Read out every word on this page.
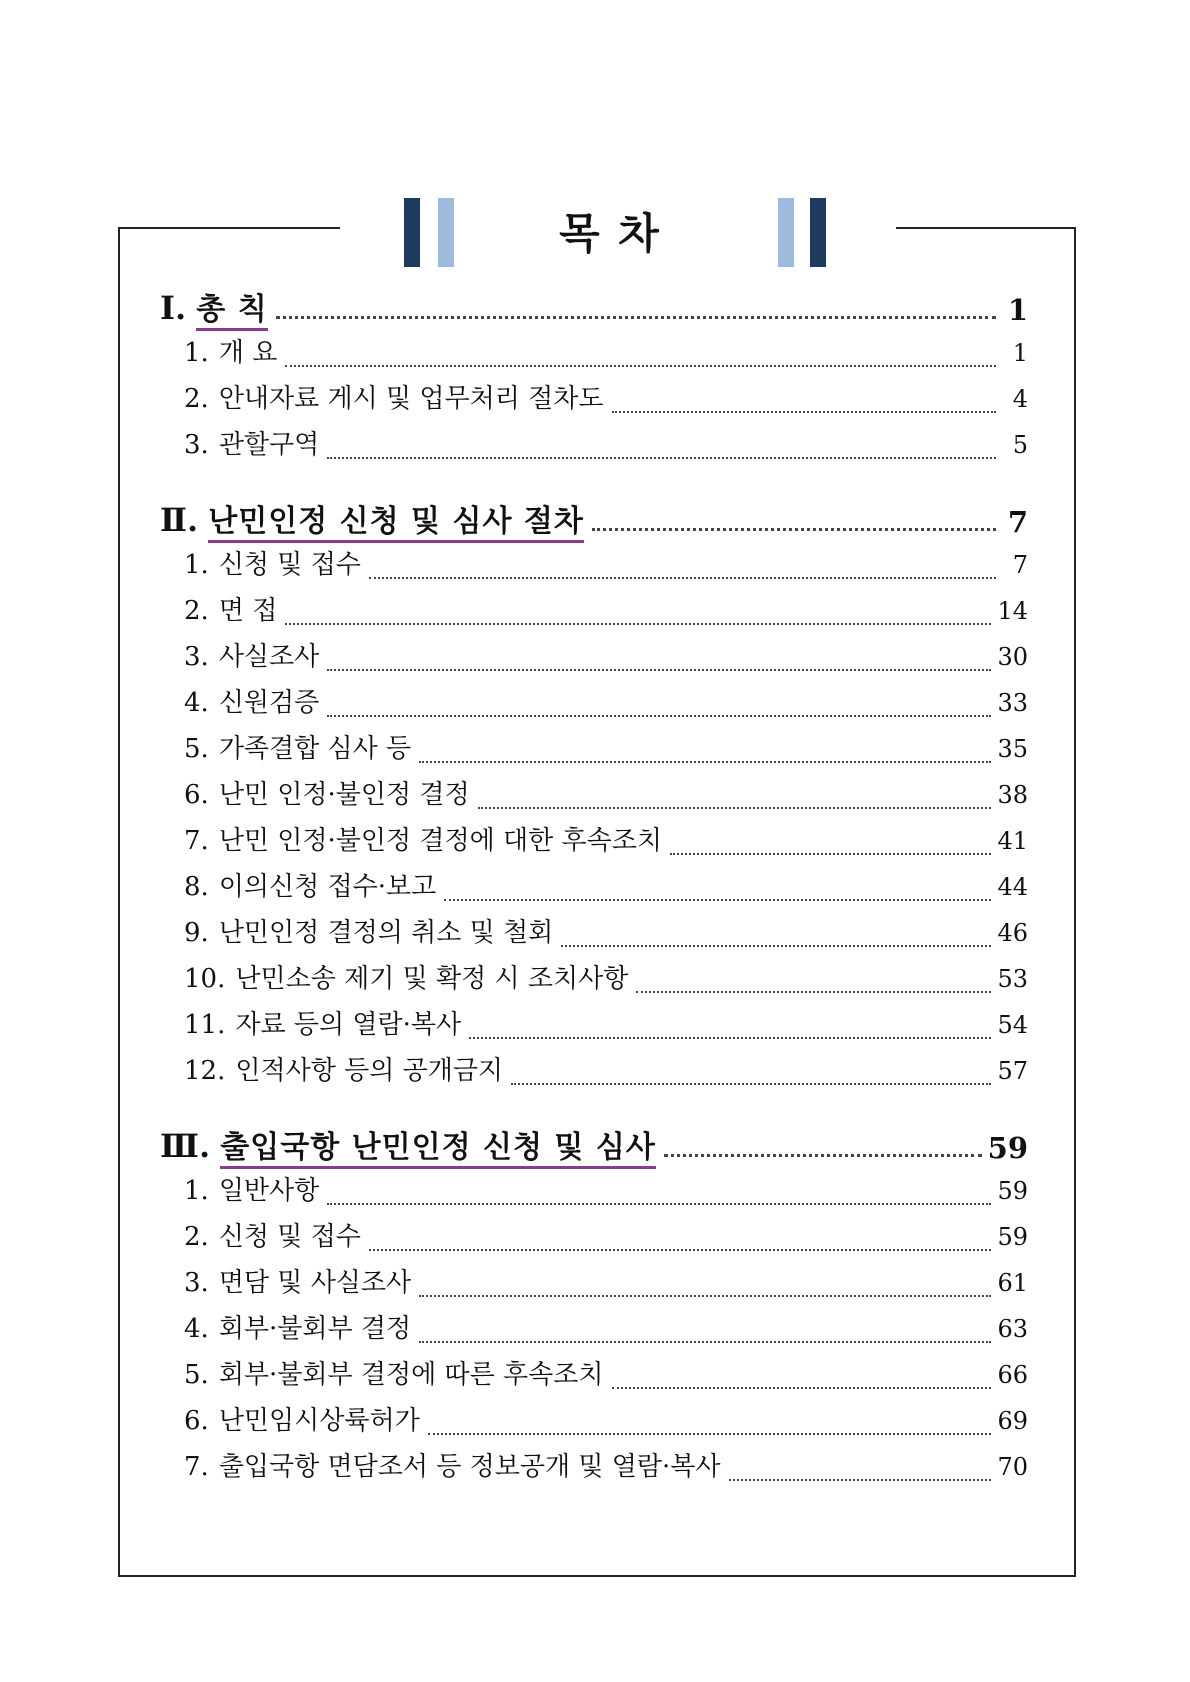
목 차
Ⅰ. 총 칙	1
1. 개 요	1
2. 안내자료 게시 및 업무처리 절차도	4
3. 관할구역	5
Ⅱ. 난민인정 신청 및 심사 절차	7
1. 신청 및 접수	7
2. 면 접	14
3. 사실조사	30
4. 신원검증	33
5. 가족결합 심사 등	35
6. 난민 인정·불인정 결정	38
7. 난민 인정·불인정 결정에 대한 후속조치	41
8. 이의신청 접수·보고	44
9. 난민인정 결정의 취소 및 철회	46
10. 난민소송 제기 및 확정 시 조치사항	53
11. 자료 등의 열람·복사	54
12. 인적사항 등의 공개금지	57
Ⅲ. 출입국항 난민인정 신청 및 심사	59
1. 일반사항	59
2. 신청 및 접수	59
3. 면담 및 사실조사	61
4. 회부·불회부 결정	63
5. 회부·불회부 결정에 따른 후속조치	66
6. 난민임시상륙허가	69
7. 출입국항 면담조서 등 정보공개 및 열람·복사	70
